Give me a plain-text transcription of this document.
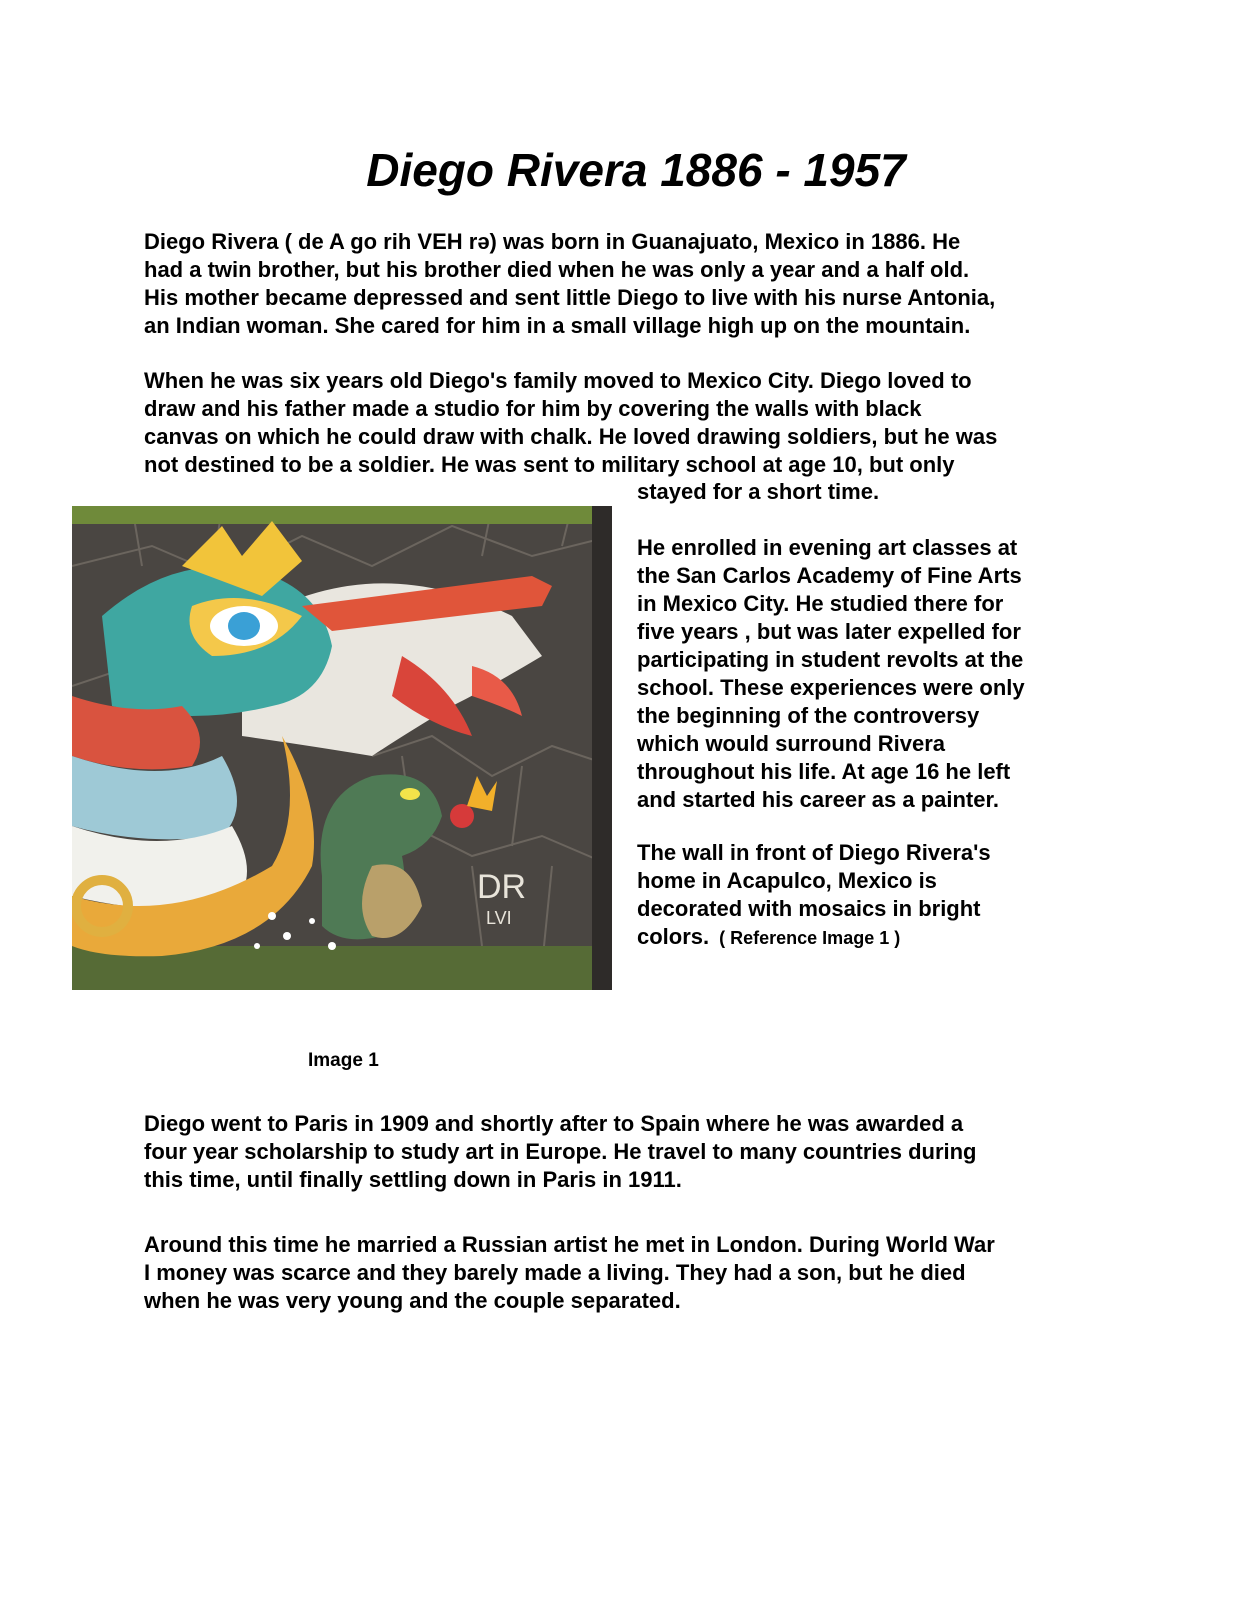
Diego Rivera 1886 - 1957

Diego Rivera ( de A go rih VEH rə) was born in Guanajuato, Mexico in 1886. He
had a twin brother, but his brother died when he was only a year and a half old.
His mother became depressed and sent little Diego to live with his nurse Antonia,
an Indian woman. She cared for him in a small village high up on the mountain.

When he was six years old Diego's family moved to Mexico City. Diego loved to
draw and his father made a studio for him by covering the walls with black
canvas on which he could draw with chalk. He loved drawing soldiers, but he was
not destined to be a soldier. He was sent to military school at age 10, but only

stayed for a short time.

He enrolled in evening art classes at
the San Carlos Academy of Fine Arts
in Mexico City. He studied there for
five years , but was later expelled for
participating in student revolts at the
school. These experiences were only
the beginning of the controversy
which would surround Rivera
throughout his life. At age 16 he left
and started his career as a painter.

The wall in front of Diego Rivera's
home in Acapulco, Mexico is
decorated with mosaics in bright
colors. ( Reference Image 1 )

DR
LVI

Image 1

Diego went to Paris in 1909 and shortly after to Spain where he was awarded a
four year scholarship to study art in Europe. He travel to many countries during
this time, until finally settling down in Paris in 1911.

Around this time he married a Russian artist he met in London. During World War
I money was scarce and they barely made a living. They had a son, but he died
when he was very young and the couple separated.
